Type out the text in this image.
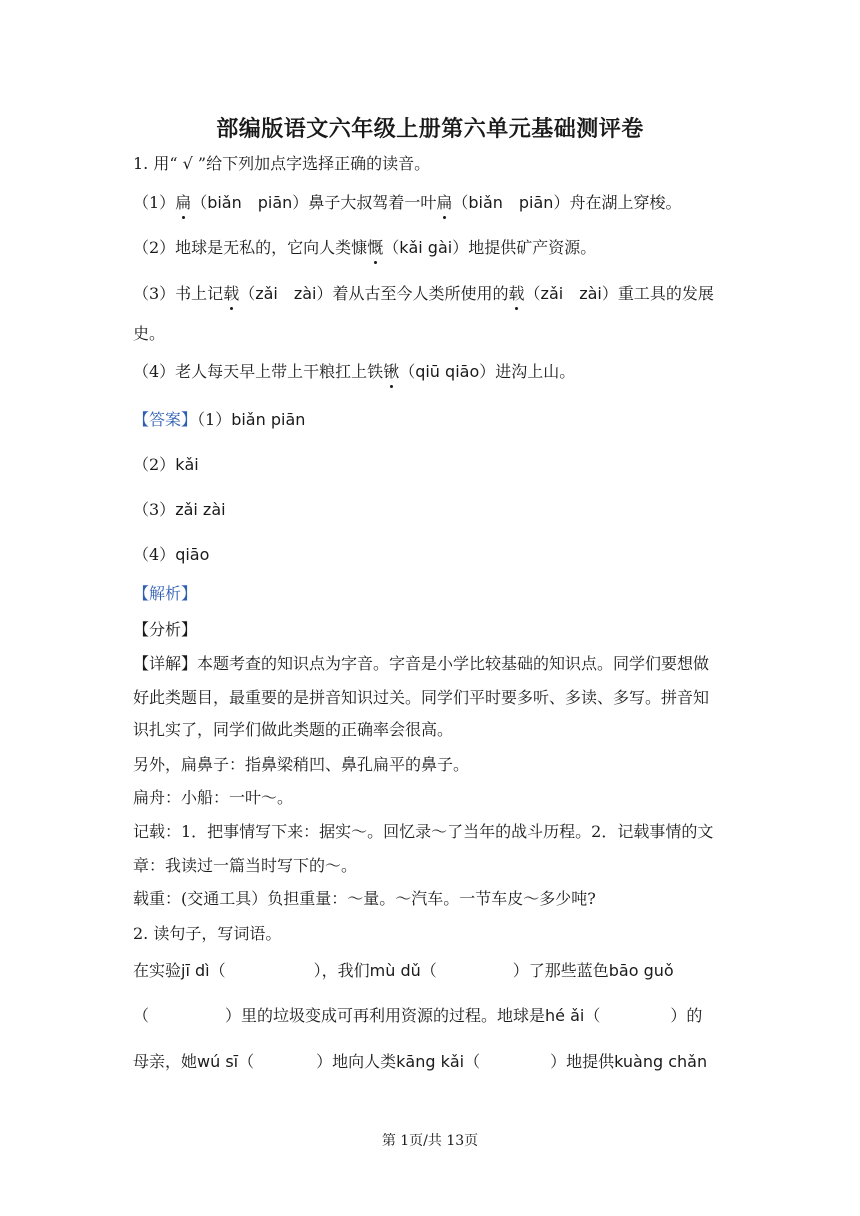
部编版语文六年级上册第六单元基础测评卷
1. 用“ √ ”给下列加点字选择正确的读音。
（1）扁（biǎn　piān）鼻子大叔驾着一叶扁（biǎn　piān）舟在湖上穿梭。
（2）地球是无私的，它向人类慷慨（kǎi gài）地提供矿产资源。
（3）书上记载（zǎi　zài）着从古至今人类所使用的载（zǎi　zài）重工具的发展
史。
（4）老人每天早上带上干粮扛上铁锹（qiū qiāo）进沟上山。
【答案】（1）biǎn piān
（2）kǎi
（3）zǎi zài
（4）qiāo
【解析】
【分析】
【详解】本题考查的知识点为字音。字音是小学比较基础的知识点。同学们要想做
好此类题目，最重要的是拼音知识过关。同学们平时要多听、多读、多写。拼音知
识扎实了，同学们做此类题的正确率会很高。
另外，扁鼻子：指鼻梁稍凹、鼻孔扁平的鼻子。
扁舟：小船：一叶～。
记载：1．把事情写下来：据实～。回忆录～了当年的战斗历程。2．记载事情的文
章：我读过一篇当时写下的～。
载重：(交通工具）负担重量：～量。～汽车。一节车皮～多少吨?
2. 读句子，写词语。
在实验jī dì（	），我们mù dǔ（	）了那些蓝色bāo guǒ
（	）里的垃圾变成可再利用资源的过程。地球是hé ǎi（	）的
母亲，她wú sī（	）地向人类kāng kǎi（	）地提供kuàng chǎn
第 1页/共 13页
